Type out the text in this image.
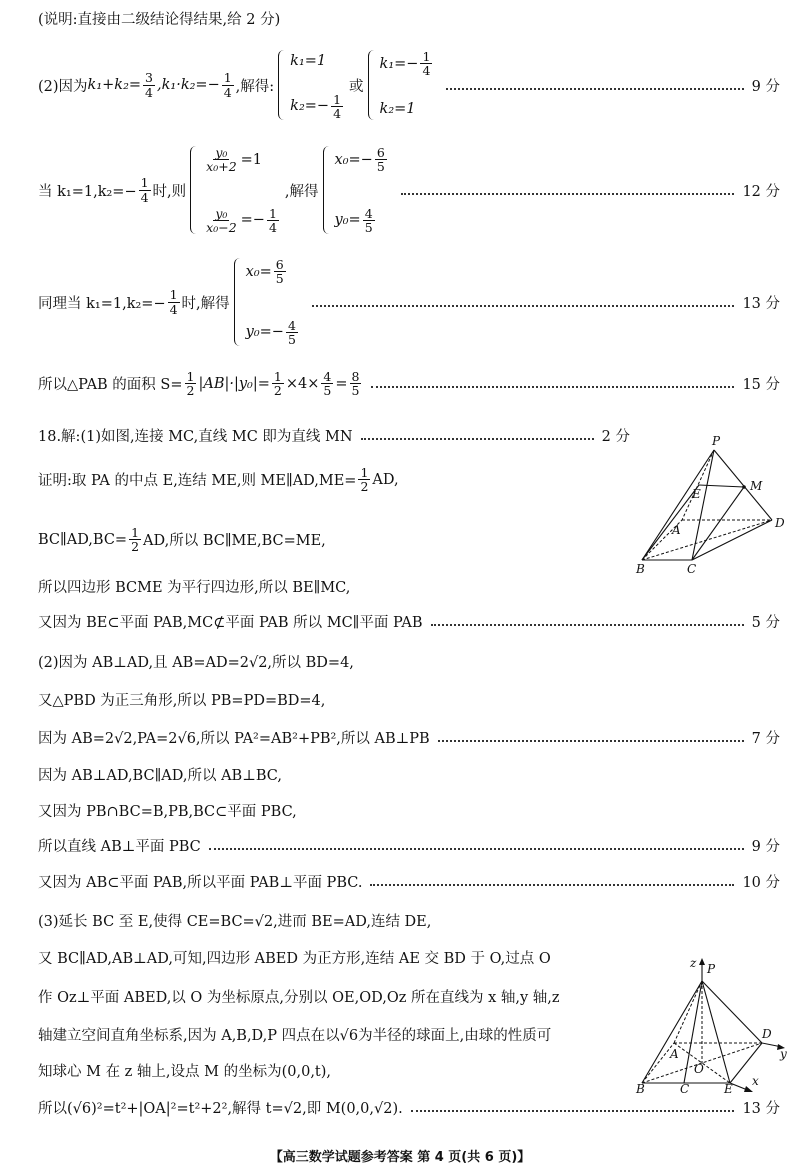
(说明:直接由二级结论得结果,给 2 分)
(2)因为 $k_1+k_2= \frac{3}{4} ,k_1\cdot k_2=- \frac{1}{4}$ ,解得:
k₁=1
$k_2=- \frac{1}{4}$
或
$k_1=- \frac{1}{4}$
k₂=1
9 分
当 $k_1=1,k_2=- \frac{1}{4}$ 时,则
$\frac{\text{y₀}}{\text{x₀+2}} =1$
$\frac{\text{y₀}}{\text{x₀−2}} =- \frac{1}{4}$
,解得
$x_0=- \frac{6}{5}$
$y_0= \frac{4}{5}$
12 分
同理当 $k_1=1,k_2=- \frac{1}{4}$ 时,解得
$x_0= \frac{6}{5}$
$y_0=- \frac{4}{5}$
13 分
所以△PAB 的面积 $S= \frac{1}{2} |AB|\cdot|y_0|= \frac{1}{2} \times 4\times \frac{4}{5} = \frac{8}{5}$	15 分
18.解:(1)如图,连接 MC,直线 MC 即为直线 MN	2 分
证明:取 PA 的中点 E,连结 ME,则 ME∥AD,ME= $\frac{1}{2}$ AD,
BC∥AD,BC= $\frac{1}{2}$ AD,所以 BC∥ME,BC=ME,
所以四边形 BCME 为平行四边形,所以 BE∥MC,
又因为 BE⊂平面 PAB,MC⊄平面 PAB 所以 MC∥平面 PAB	5 分
(2)因为 AB⊥AD,且 AB=AD=2√2,所以 BD=4,
又△PBD 为正三角形,所以 PB=PD=BD=4,
因为 AB=2√2,PA=2√6,所以 PA²=AB²+PB²,所以 AB⊥PB	7 分
因为 AB⊥AD,BC∥AD,所以 AB⊥BC,
又因为 PB∩BC=B,PB,BC⊂平面 PBC,
所以直线 AB⊥平面 PBC	9 分
又因为 AB⊂平面 PAB,所以平面 PAB⊥平面 PBC.	10 分
(3)延长 BC 至 E,使得 CE=BC=√2,进而 BE=AD,连结 DE,
又 BC∥AD,AB⊥AD,可知,四边形 ABED 为正方形,连结 AE 交 BD 于 O,过点 O
作 Oz⊥平面 ABED,以 O 为坐标原点,分别以 OE,OD,Oz 所在直线为 x 轴,y 轴,z
轴建立空间直角坐标系,因为 A,B,D,P 四点在以√6为半径的球面上,由球的性质可
知球心 M 在 z 轴上,设点 M 的坐标为(0,0,t),
所以(√6)²=t²+|OA|²=t²+2²,解得 t=√2,即 M(0,0,√2).	13 分
P
E
M
A	D
B	C
z P
D
y
A
O
B	C	E
x
【高三数学试题参考答案 第 4 页(共 6 页)】
